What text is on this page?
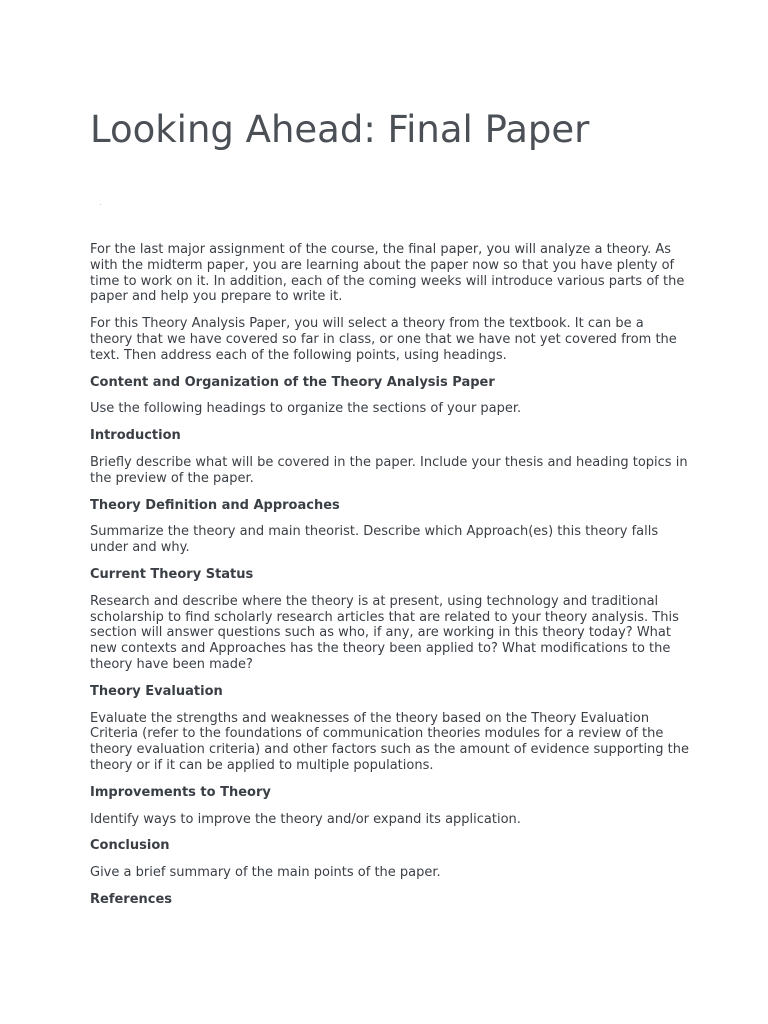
Looking Ahead: Final Paper

For the last major assignment of the course, the final paper, you will analyze a theory. As with the midterm paper, you are learning about the paper now so that you have plenty of time to work on it. In addition, each of the coming weeks will introduce various parts of the paper and help you prepare to write it.

For this Theory Analysis Paper, you will select a theory from the textbook. It can be a theory that we have covered so far in class, or one that we have not yet covered from the text. Then address each of the following points, using headings.

Content and Organization of the Theory Analysis Paper

Use the following headings to organize the sections of your paper.

Introduction

Briefly describe what will be covered in the paper. Include your thesis and heading topics in the preview of the paper.

Theory Definition and Approaches

Summarize the theory and main theorist. Describe which Approach(es) this theory falls under and why.

Current Theory Status

Research and describe where the theory is at present, using technology and traditional scholarship to find scholarly research articles that are related to your theory analysis. This section will answer questions such as who, if any, are working in this theory today? What new contexts and Approaches has the theory been applied to? What modifications to the theory have been made?

Theory Evaluation

Evaluate the strengths and weaknesses of the theory based on the Theory Evaluation Criteria (refer to the foundations of communication theories modules for a review of the theory evaluation criteria) and other factors such as the amount of evidence supporting the theory or if it can be applied to multiple populations.

Improvements to Theory

Identify ways to improve the theory and/or expand its application.

Conclusion

Give a brief summary of the main points of the paper.

References
